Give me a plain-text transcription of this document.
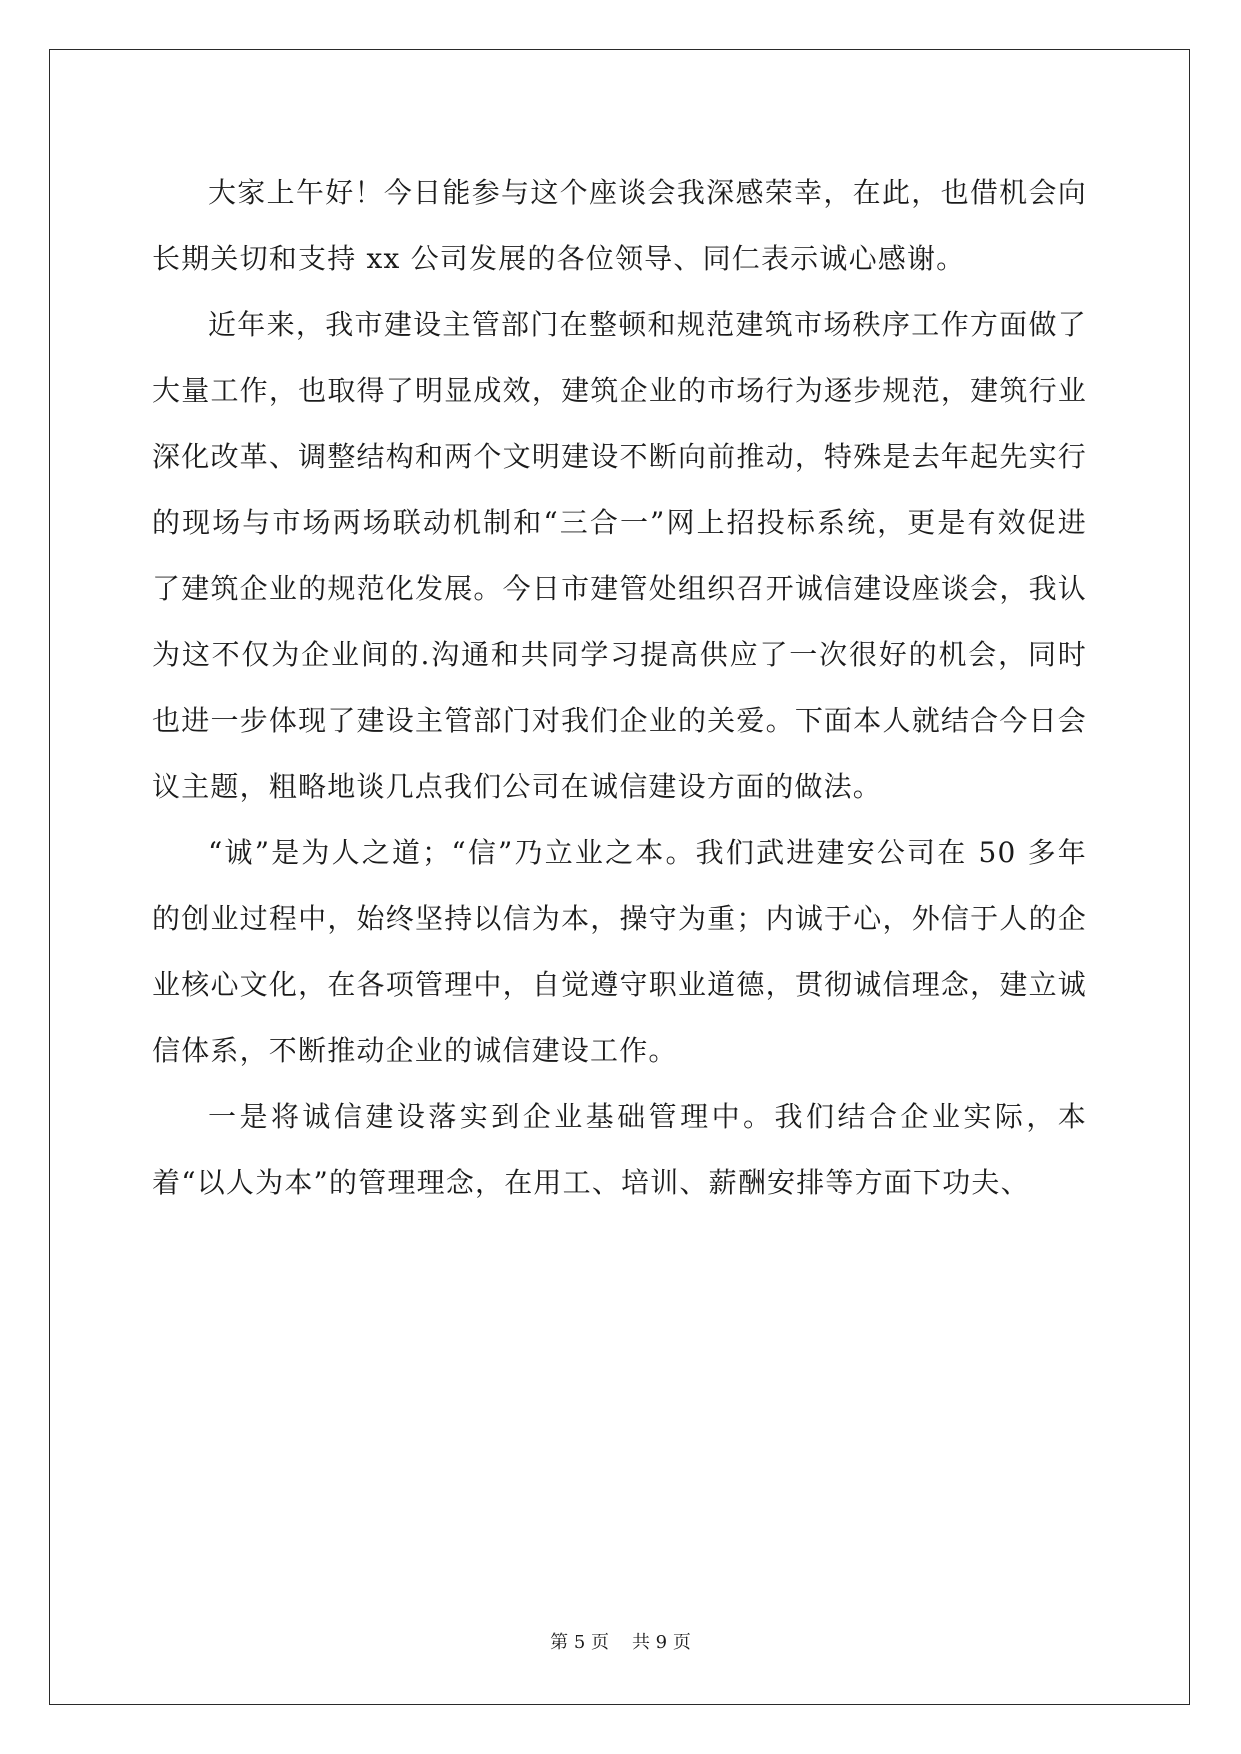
大家上午好！今日能参与这个座谈会我深感荣幸，在此，也借机会向长期关切和支持 xx 公司发展的各位领导、同仁表示诚心感谢。

近年来，我市建设主管部门在整顿和规范建筑市场秩序工作方面做了大量工作，也取得了明显成效，建筑企业的市场行为逐步规范，建筑行业深化改革、调整结构和两个文明建设不断向前推动，特殊是去年起先实行的现场与市场两场联动机制和“三合一”网上招投标系统，更是有效促进了建筑企业的规范化发展。今日市建管处组织召开诚信建设座谈会，我认为这不仅为企业间的.沟通和共同学习提高供应了一次很好的机会，同时也进一步体现了建设主管部门对我们企业的关爱。下面本人就结合今日会议主题，粗略地谈几点我们公司在诚信建设方面的做法。

“诚”是为人之道；“信”乃立业之本。我们武进建安公司在 50 多年的创业过程中，始终坚持以信为本，操守为重；内诚于心，外信于人的企业核心文化，在各项管理中，自觉遵守职业道德，贯彻诚信理念，建立诚信体系，不断推动企业的诚信建设工作。

一是将诚信建设落实到企业基础管理中。我们结合企业实际，本着“以人为本”的管理理念，在用工、培训、薪酬安排等方面下功夫、

第 5 页    共 9 页
